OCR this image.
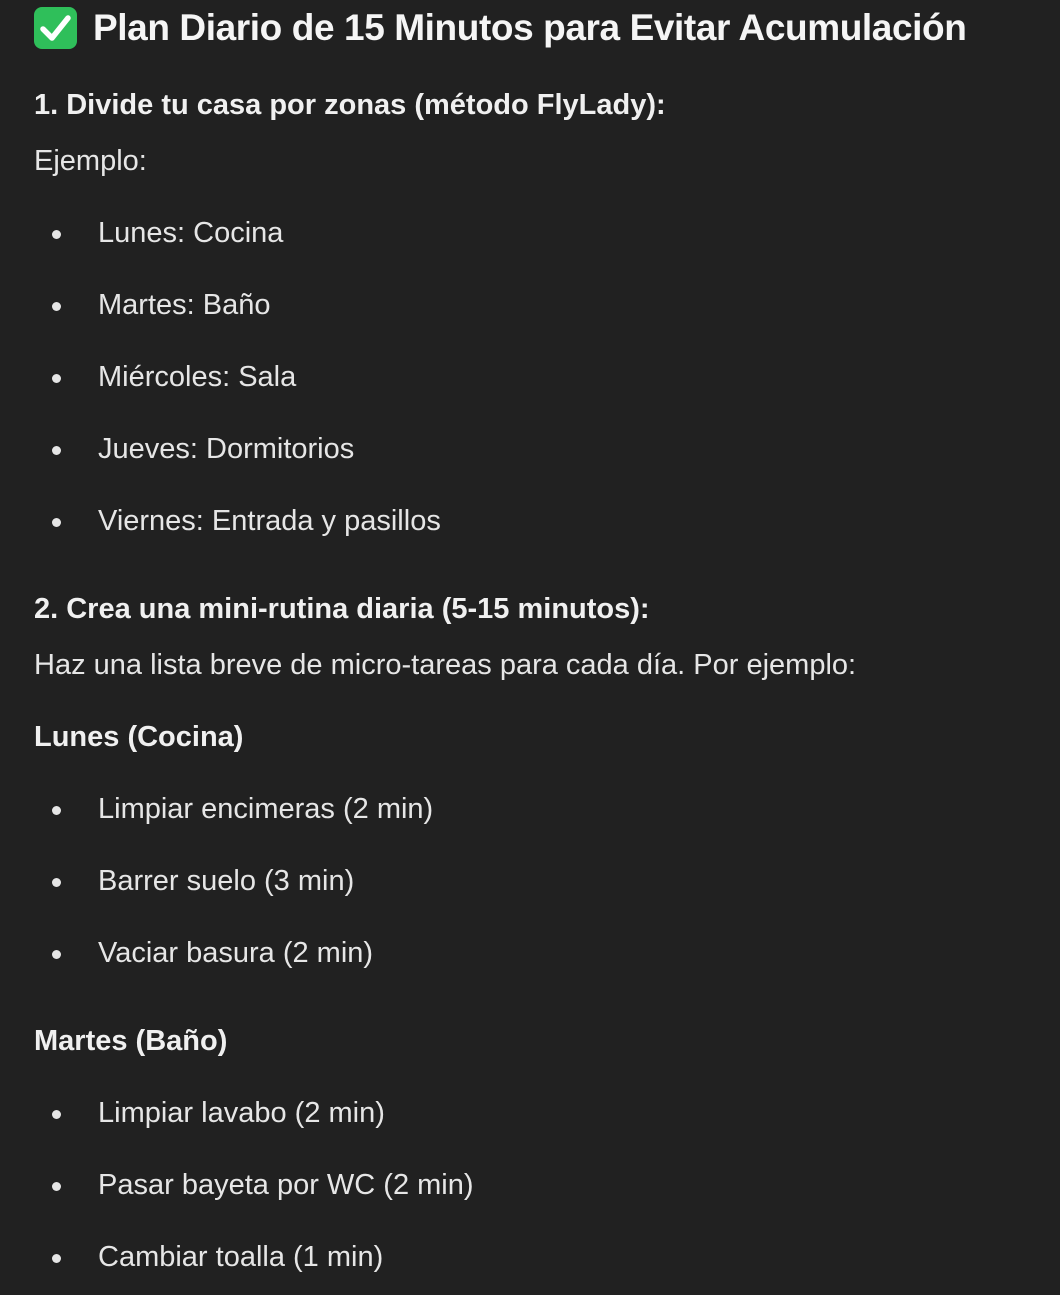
Plan Diario de 15 Minutos para Evitar Acumulación
1. Divide tu casa por zonas (método FlyLady):
Ejemplo:
Lunes: Cocina
Martes: Baño
Miércoles: Sala
Jueves: Dormitorios
Viernes: Entrada y pasillos
2. Crea una mini-rutina diaria (5-15 minutos):
Haz una lista breve de micro-tareas para cada día. Por ejemplo:
Lunes (Cocina)
Limpiar encimeras (2 min)
Barrer suelo (3 min)
Vaciar basura (2 min)
Martes (Baño)
Limpiar lavabo (2 min)
Pasar bayeta por WC (2 min)
Cambiar toalla (1 min)
